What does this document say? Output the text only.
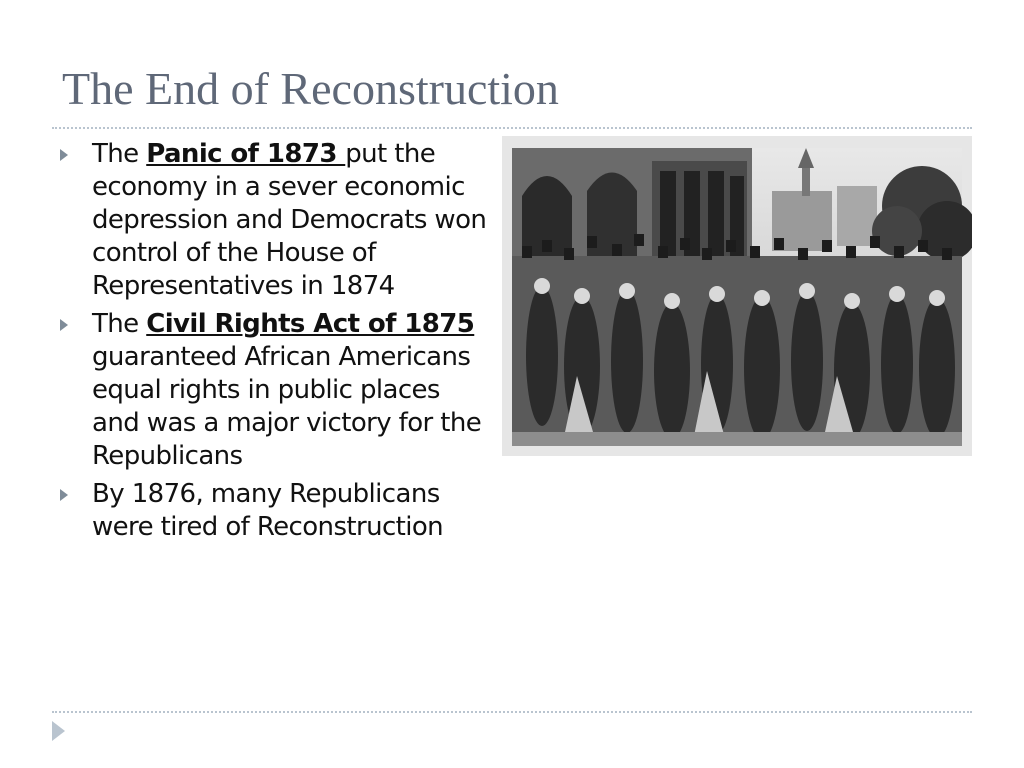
The End of Reconstruction
The Panic of 1873 put the economy in a sever economic depression and Democrats won control of the House of Representatives in 1874
The Civil Rights Act of 1875 guaranteed African Americans equal rights in public places and was a major victory for the Republicans
By 1876, many Republicans were tired of Reconstruction
